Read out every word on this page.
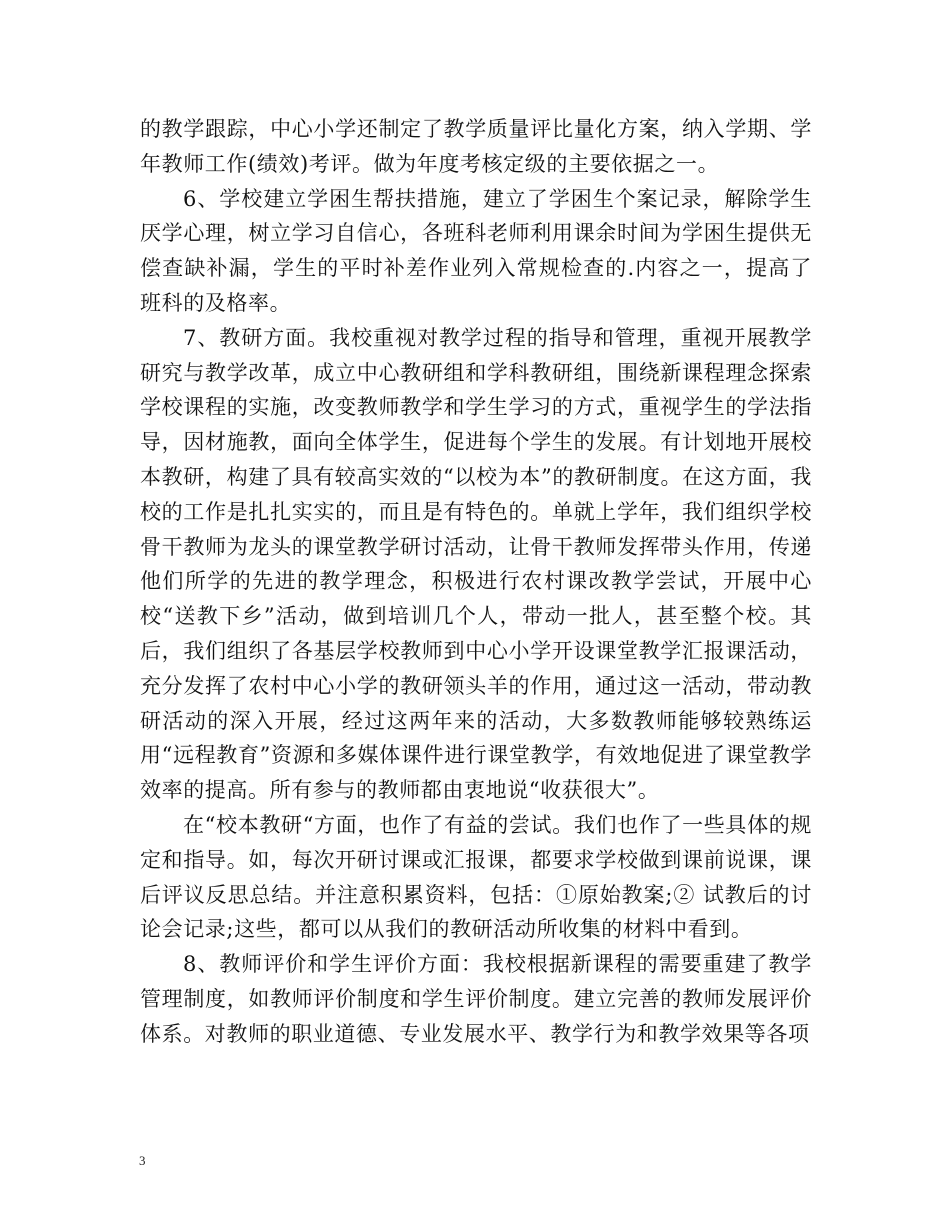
的教学跟踪，中心小学还制定了教学质量评比量化方案，纳入学期、学年教师工作(绩效)考评。做为年度考核定级的主要依据之一。

6、学校建立学困生帮扶措施，建立了学困生个案记录，解除学生厌学心理，树立学习自信心，各班科老师利用课余时间为学困生提供无偿查缺补漏，学生的平时补差作业列入常规检查的.内容之一，提高了班科的及格率。

7、教研方面。我校重视对教学过程的指导和管理，重视开展教学研究与教学改革，成立中心教研组和学科教研组，围绕新课程理念探索学校课程的实施，改变教师教学和学生学习的方式，重视学生的学法指导，因材施教，面向全体学生，促进每个学生的发展。有计划地开展校本教研，构建了具有较高实效的“以校为本”的教研制度。在这方面，我校的工作是扎扎实实的，而且是有特色的。单就上学年，我们组织学校骨干教师为龙头的课堂教学研讨活动，让骨干教师发挥带头作用，传递他们所学的先进的教学理念，积极进行农村课改教学尝试，开展中心校“送教下乡”活动，做到培训几个人，带动一批人，甚至整个校。其后，我们组织了各基层学校教师到中心小学开设课堂教学汇报课活动，充分发挥了农村中心小学的教研领头羊的作用，通过这一活动，带动教研活动的深入开展，经过这两年来的活动，大多数教师能够较熟练运用“远程教育”资源和多媒体课件进行课堂教学，有效地促进了课堂教学效率的提高。所有参与的教师都由衷地说“收获很大”。

在“校本教研“方面，也作了有益的尝试。我们也作了一些具体的规定和指导。如，每次开研讨课或汇报课，都要求学校做到课前说课，课后评议反思总结。并注意积累资料，包括：①原始教案;② 试教后的讨论会记录;这些，都可以从我们的教研活动所收集的材料中看到。

8、教师评价和学生评价方面：我校根据新课程的需要重建了教学管理制度，如教师评价制度和学生评价制度。建立完善的教师发展评价体系。对教师的职业道德、专业发展水平、教学行为和教学效果等各项

3
